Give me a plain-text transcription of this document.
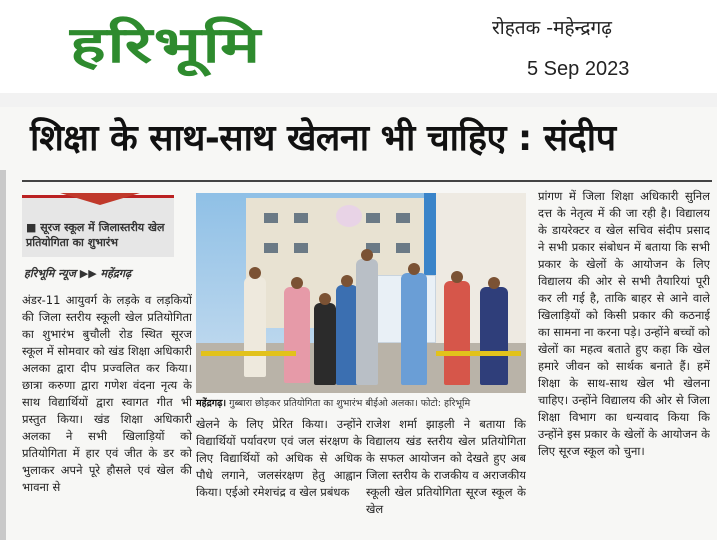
हरिभूमि	रोहतक -महेन्द्रगढ़
5 Sep 2023
शिक्षा के साथ-साथ खेलना भी चाहिए : संदीप
■ सूरज स्कूल में जिलास्तरीय खेल प्रतियोगिता का शुभारंभ
हरिभूमि न्यूज ▶▶ महेंद्रगढ़
अंडर-11 आयुवर्ग के लड़के व लड़कियों की जिला स्तरीय स्कूली खेल प्रतियोगिता का शुभारंभ बुचौली रोड स्थित सूरज स्कूल में सोमवार को खंड शिक्षा अधिकारी अलका द्वारा दीप प्रज्वलित कर किया। छात्रा करुणा द्वारा गणेश वंदना नृत्य के साथ विद्यार्थियों द्वारा स्वागत गीत भी प्रस्तुत किया। खंड शिक्षा अधिकारी अलका ने सभी खिलाड़ियों को प्रतियोगिता में हार एवं जीत के डर को भुलाकर अपने पूरे हौसले एवं खेल की भावना से
महेंद्रगढ़। गुब्बारा छोड़कर प्रतियोगिता का शुभारंभ बीईओ अलका। फोटो: हरिभूमि
खेलने के लिए प्रेरित किया। उन्होंने विद्यार्थियों पर्यावरण एवं जल संरक्षण के लिए विद्यार्थियों को अधिक से अधिक पौधे लगाने, जलसंरक्षण हेतु आह्वान किया। एईओ रमेशचंद्र व खेल प्रबंधक
राजेश शर्मा झाड़ली ने बताया कि विद्यालय खंड स्तरीय खेल प्रतियोगिता के सफल आयोजन को देखते हुए अब जिला स्तरीय के राजकीय व अराजकीय स्कूली खेल प्रतियोगिता सूरज स्कूल के खेल
प्रांगण में जिला शिक्षा अधिकारी सुनिल दत्त के नेतृत्व में की जा रही है। विद्यालय के डायरेक्टर व खेल सचिव संदीप प्रसाद ने सभी प्रकार संबोधन में बताया कि सभी प्रकार के खेलों के आयोजन के लिए विद्यालय की ओर से सभी तैयारियां पूरी कर ली गई है, ताकि बाहर से आने वाले खिलाड़ियों को किसी प्रकार की कठनाई का सामना ना करना पड़े। उन्होंने बच्चों को खेलों का महत्व बताते हुए कहा कि खेल हमारे जीवन को सार्थक बनाते हैं। हमें शिक्षा के साथ-साथ खेल भी खेलना चाहिए। उन्होंने विद्यालय की ओर से जिला शिक्षा विभाग का धन्यवाद किया कि उन्होंने इस प्रकार के खेलों के आयोजन के लिए सूरज स्कूल को चुना।
